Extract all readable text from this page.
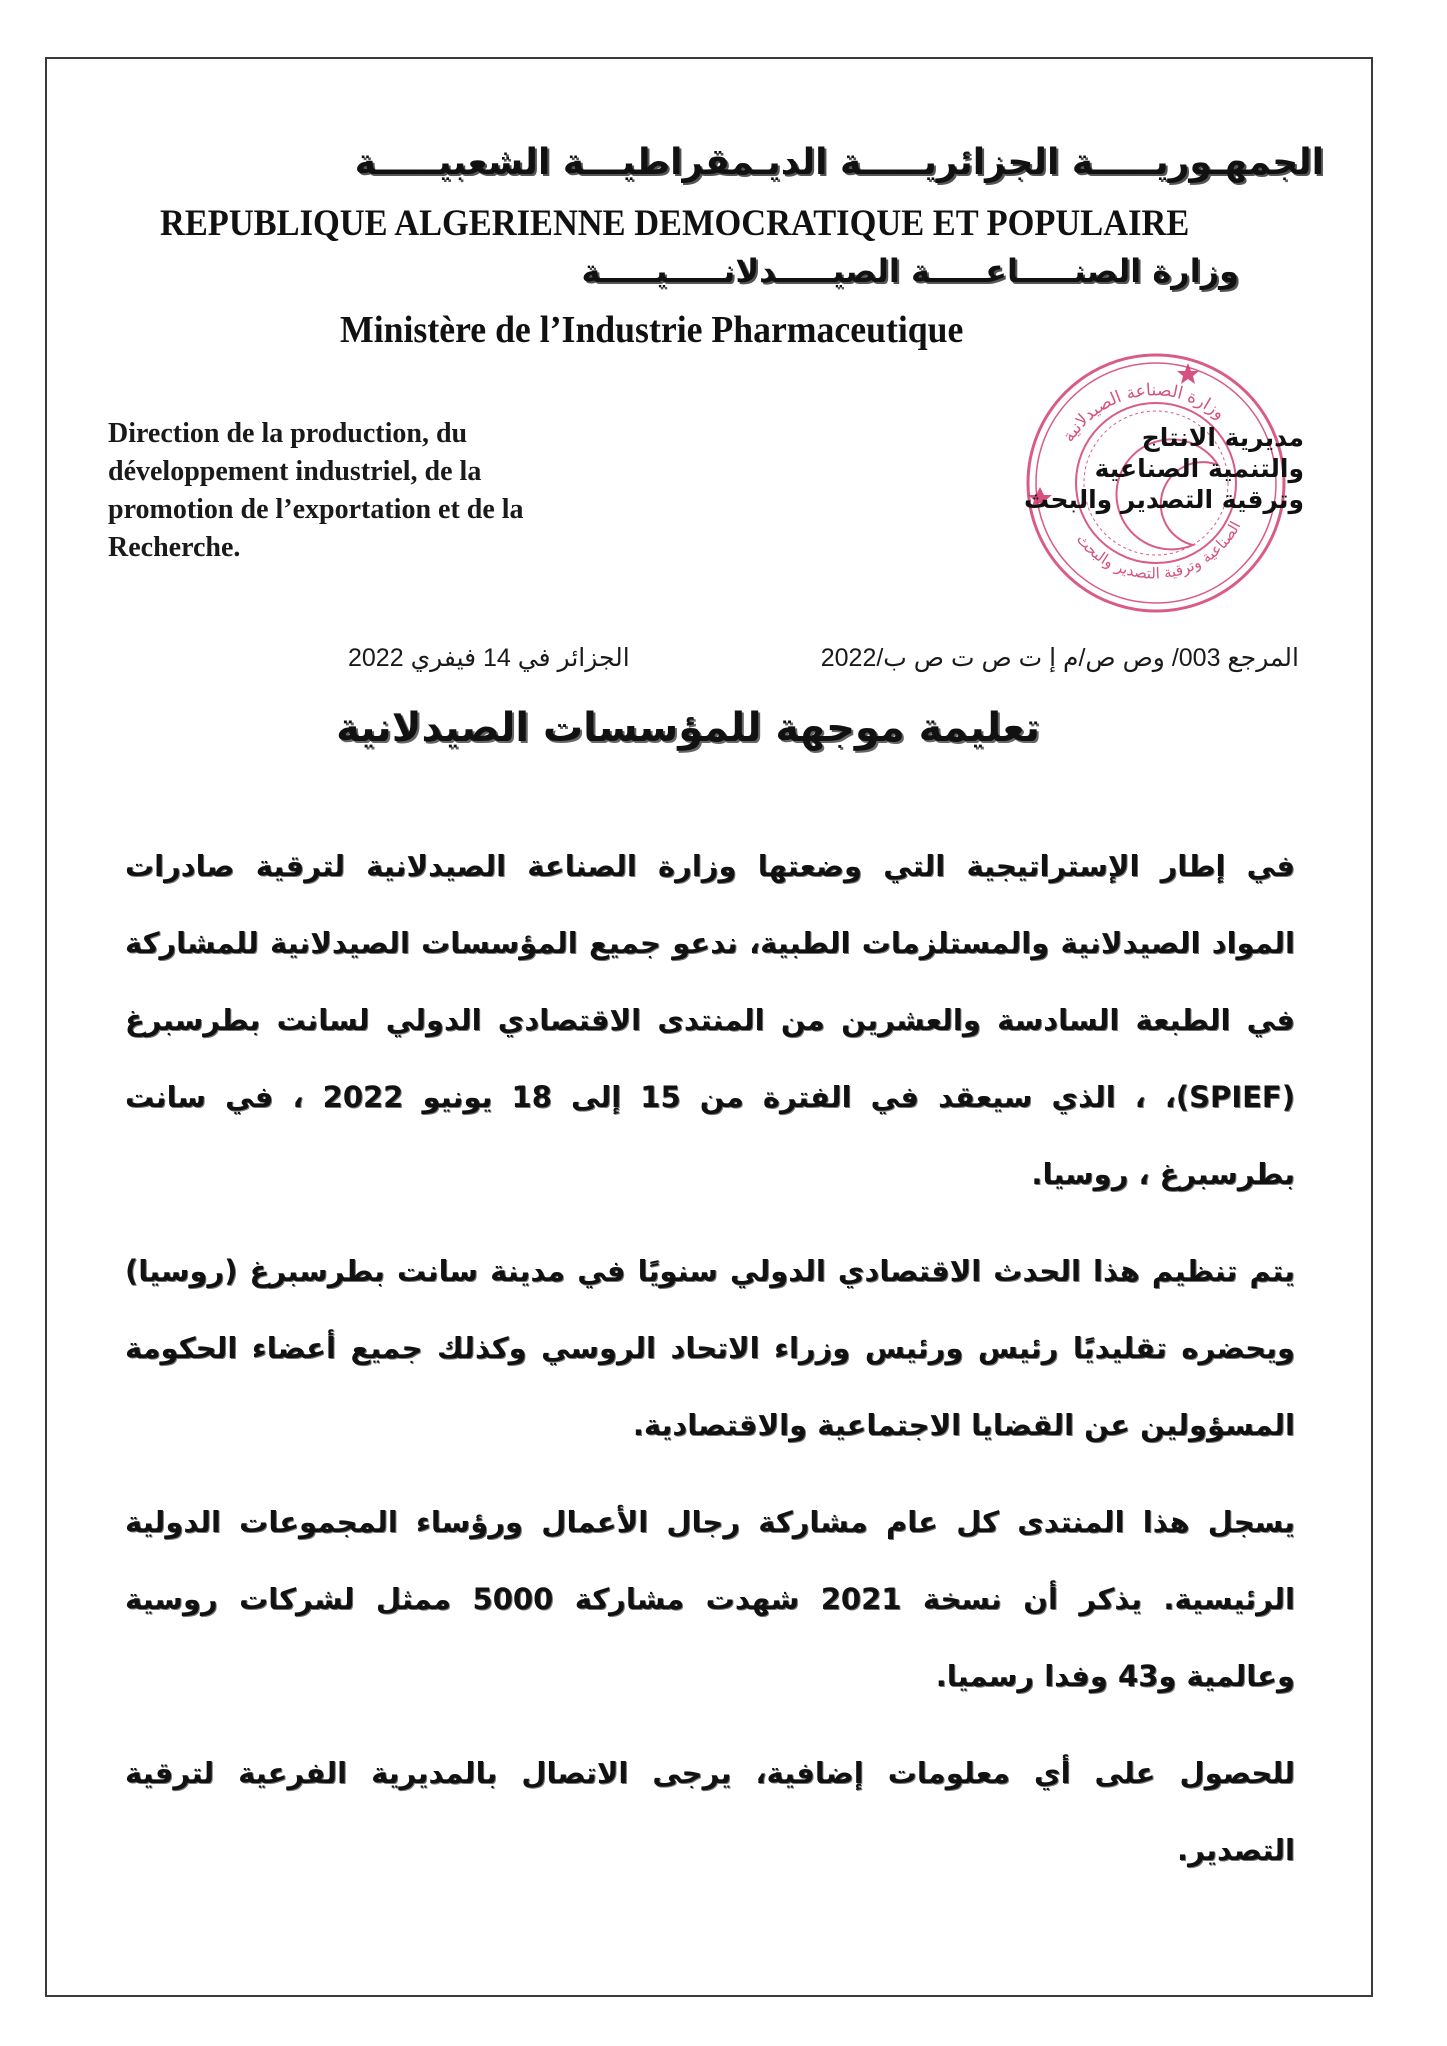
الجمهـوريـــــة الجزائريـــــة الديـمقراطيـــة الشعبيـــــة
REPUBLIQUE ALGERIENNE DEMOCRATIQUE ET POPULAIRE
وزارة الصنـــــاعـــــة الصيـــــدلانـــــيـــــة
Ministère de l’Industrie Pharmaceutique
Direction de la production, du
développement industriel, de la
promotion de l’exportation et de la
Recherche.
وزارة الصناعة الصيدلانية
الصناعية وترقية التصدير والبحث
مديرية الانتاج
والتنمية الصناعية
وترقية التصدير والبحث
المرجع 003/ وص ص/م إ ت ص ت ص ب/2022
الجزائر في 14 فيفري 2022
تعليمة موجهة للمؤسسات الصيدلانية
في إطار الإستراتيجية التي وضعتها وزارة الصناعة الصيدلانية لترقية صادرات
المواد الصيدلانية والمستلزمات الطبية، ندعو جميع المؤسسات الصيدلانية للمشاركة
في الطبعة السادسة والعشرين من المنتدى الاقتصادي الدولي لسانت بطرسبرغ
(SPIEF)، ، الذي سيعقد في الفترة من 15 إلى 18 يونيو 2022 ، في سانت
بطرسبرغ ، روسيا.
يتم تنظيم هذا الحدث الاقتصادي الدولي سنويًا في مدينة سانت بطرسبرغ (روسيا)
ويحضره تقليديًا رئيس ورئيس وزراء الاتحاد الروسي وكذلك جميع أعضاء الحكومة
المسؤولين عن القضايا الاجتماعية والاقتصادية.
يسجل هذا المنتدى كل عام مشاركة رجال الأعمال ورؤساء المجموعات الدولية
الرئيسية. يذكر أن نسخة 2021 شهدت مشاركة 5000 ممثل لشركات روسية
وعالمية و43 وفدا رسميا.
للحصول على أي معلومات إضافية، يرجى الاتصال بالمديرية الفرعية لترقية
التصدير.
